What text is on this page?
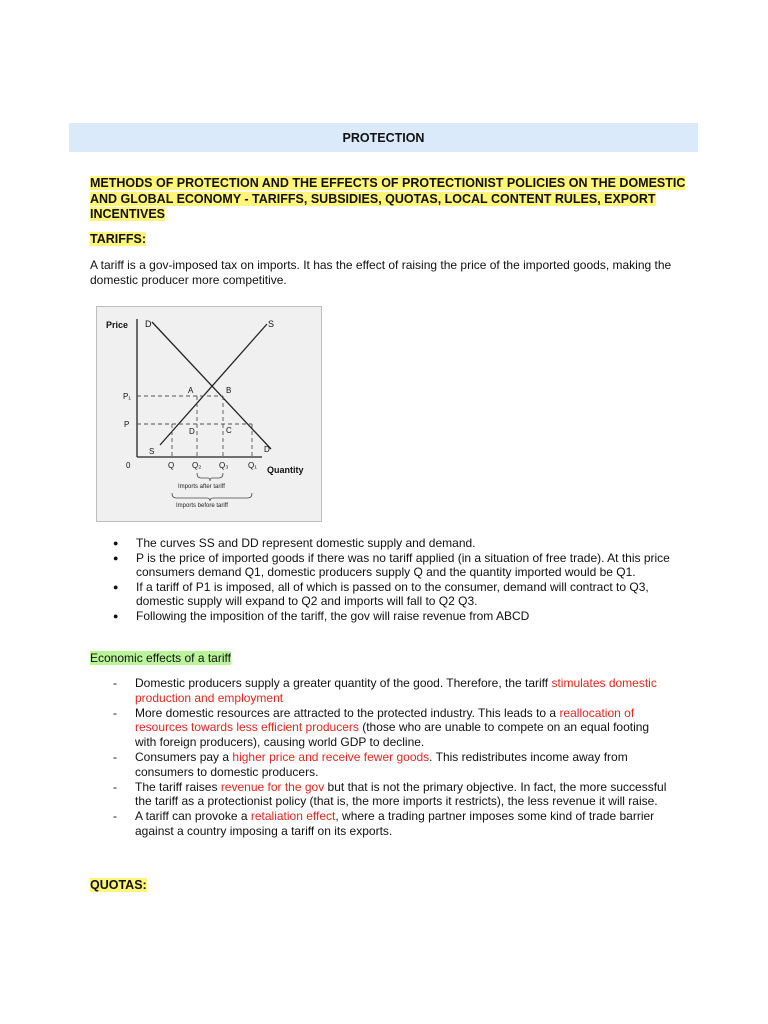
PROTECTION
METHODS OF PROTECTION AND THE EFFECTS OF PROTECTIONIST POLICIES ON THE DOMESTIC AND GLOBAL ECONOMY - TARIFFS, SUBSIDIES, QUOTAS, LOCAL CONTENT RULES, EXPORT INCENTIVES
TARIFFS:
A tariff is a gov-imposed tax on imports. It has the effect of raising the price of the imported goods, making the domestic producer more competitive.
Price D	S
P₁
P
A	B
D	C
S	D
0	Q Q₂ Q₃ Q₁ Quantity
Imports after tariff
Imports before tariff
● The curves SS and DD represent domestic supply and demand.
● P is the price of imported goods if there was no tariff applied (in a situation of free trade). At this price consumers demand Q1, domestic producers supply Q and the quantity imported would be Q1.
● If a tariff of P1 is imposed, all of which is passed on to the consumer, demand will contract to Q3, domestic supply will expand to Q2 and imports will fall to Q2 Q3.
● Following the imposition of the tariff, the gov will raise revenue from ABCD
Economic effects of a tariff
- Domestic producers supply a greater quantity of the good. Therefore, the tariff stimulates domestic production and employment
- More domestic resources are attracted to the protected industry. This leads to a reallocation of resources towards less efficient producers (those who are unable to compete on an equal footing with foreign producers), causing world GDP to decline.
- Consumers pay a higher price and receive fewer goods. This redistributes income away from consumers to domestic producers.
- The tariff raises revenue for the gov but that is not the primary objective. In fact, the more successful the tariff as a protectionist policy (that is, the more imports it restricts), the less revenue it will raise.
- A tariff can provoke a retaliation effect, where a trading partner imposes some kind of trade barrier against a country imposing a tariff on its exports.
QUOTAS:
